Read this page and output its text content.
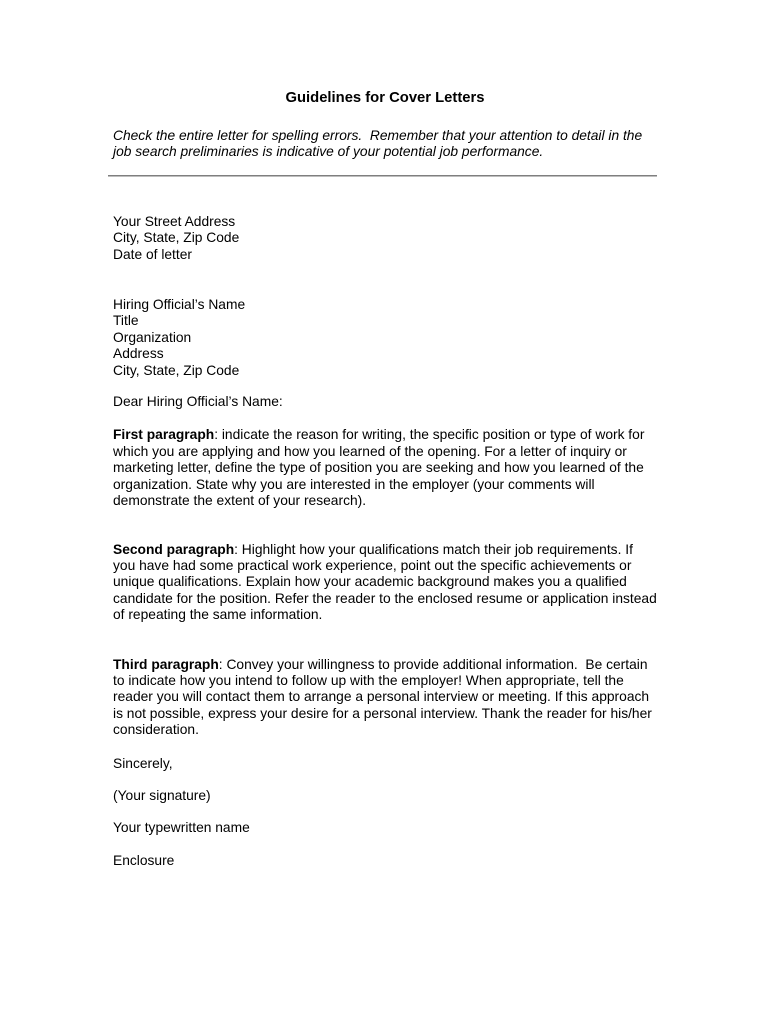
Guidelines for Cover Letters

Check the entire letter for spelling errors.  Remember that your attention to detail in the job search preliminaries is indicative of your potential job performance.

Your Street Address
City, State, Zip Code
Date of letter
Hiring Official’s Name
Title
Organization
Address
City, State, Zip Code

Dear Hiring Official’s Name:

First paragraph: indicate the reason for writing, the specific position or type of work for which you are applying and how you learned of the opening. For a letter of inquiry or marketing letter, define the type of position you are seeking and how you learned of the organization. State why you are interested in the employer (your comments will demonstrate the extent of your research).

Second paragraph: Highlight how your qualifications match their job requirements. If you have had some practical work experience, point out the specific achievements or unique qualifications. Explain how your academic background makes you a qualified candidate for the position. Refer the reader to the enclosed resume or application instead of repeating the same information.

Third paragraph: Convey your willingness to provide additional information.  Be certain to indicate how you intend to follow up with the employer! When appropriate, tell the reader you will contact them to arrange a personal interview or meeting. If this approach is not possible, express your desire for a personal interview. Thank the reader for his/her consideration.

Sincerely,

(Your signature)

Your typewritten name

Enclosure
